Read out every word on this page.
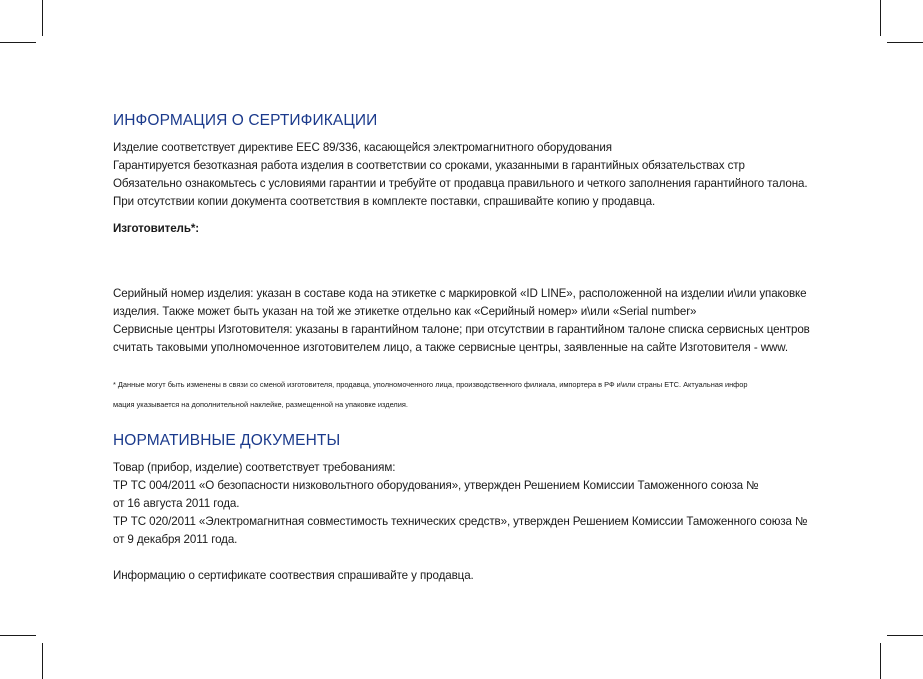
ИНФОРМАЦИЯ О СЕРТИФИКАЦИИ
Изделие соответствует директиве EEC 89/336, касающейся электромагнитного оборудования
Гарантируется безотказная работа изделия в соответствии со сроками, указанными в гарантийных обязательствах стр
Обязательно ознакомьтесь с условиями гарантии и требуйте от продавца правильного и четкого заполнения гарантийного талона.
При отсутствии копии документа соответствия в комплекте поставки, спрашивайте копию у продавца.
Изготовитель*:
Серийный номер изделия: указан в составе кода на этикетке с маркировкой «ID LINE», расположенной на изделии и\или упаковке
изделия. Также может быть указан на той же этикетке отдельно как «Серийный номер» и\или «Serial number»
Сервисные центры Изготовителя: указаны в гарантийном талоне; при отсутствии в гарантийном талоне списка сервисных центров
считать таковыми уполномоченное изготовителем лицо, а также сервисные центры, заявленные на сайте Изготовителя - www.
* Данные могут быть изменены в связи со сменой изготовителя, продавца, уполномоченного лица, производственного филиала, импортера в РФ и\или страны ЕТС. Актуальная инфор
мация указывается на дополнительной наклейке, размещенной на упаковке изделия.
НОРМАТИВНЫЕ ДОКУМЕНТЫ
Товар (прибор, изделие) соответствует требованиям:
ТР ТС 004/2011 «О безопасности низковольтного оборудования», утвержден Решением Комиссии Таможенного союза №
от 16 августа 2011 года.
ТР ТС 020/2011 «Электромагнитная совместимость технических средств», утвержден Решением Комиссии Таможенного союза №
от 9 декабря 2011 года.
Информацию о сертификате соотвествия спрашивайте у продавца.
